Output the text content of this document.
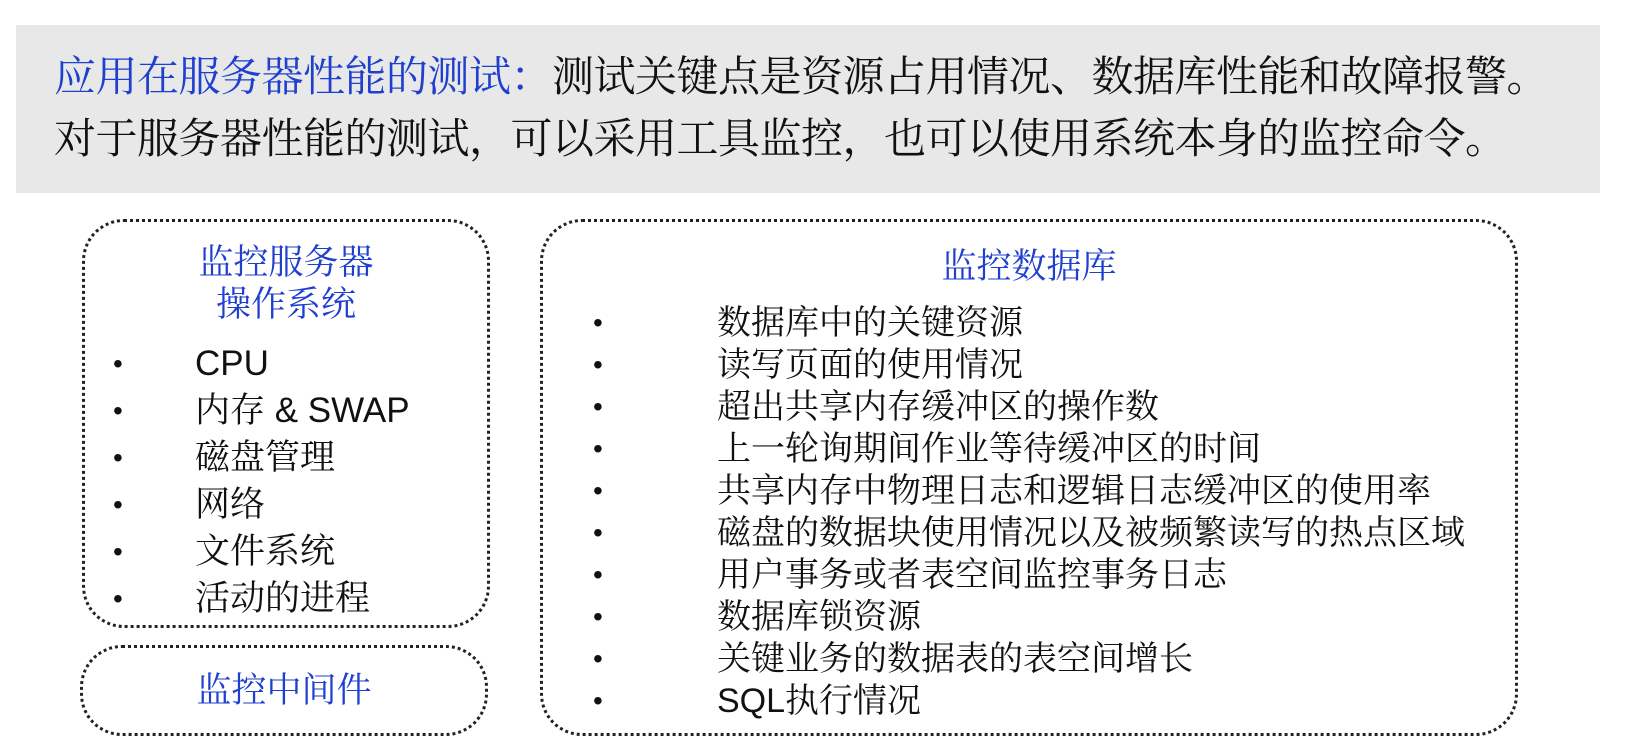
应用在服务器性能的测试：测试关键点是资源占用情况、数据库性能和故障报警。
对于服务器性能的测试，可以采用工具监控，也可以使用系统本身的监控命令。
监控服务器
操作系统
• CPU
• 内存 & SWAP
• 磁盘管理
• 网络
• 文件系统
• 活动的进程
监控中间件
监控数据库
•	数据库中的关键资源
•	读写页面的使用情况
•	超出共享内存缓冲区的操作数
•	上一轮询期间作业等待缓冲区的时间
•	共享内存中物理日志和逻辑日志缓冲区的使用率
•	磁盘的数据块使用情况以及被频繁读写的热点区域
•	用户事务或者表空间监控事务日志
•	数据库锁资源
•	关键业务的数据表的表空间增长
•	SQL执行情况
